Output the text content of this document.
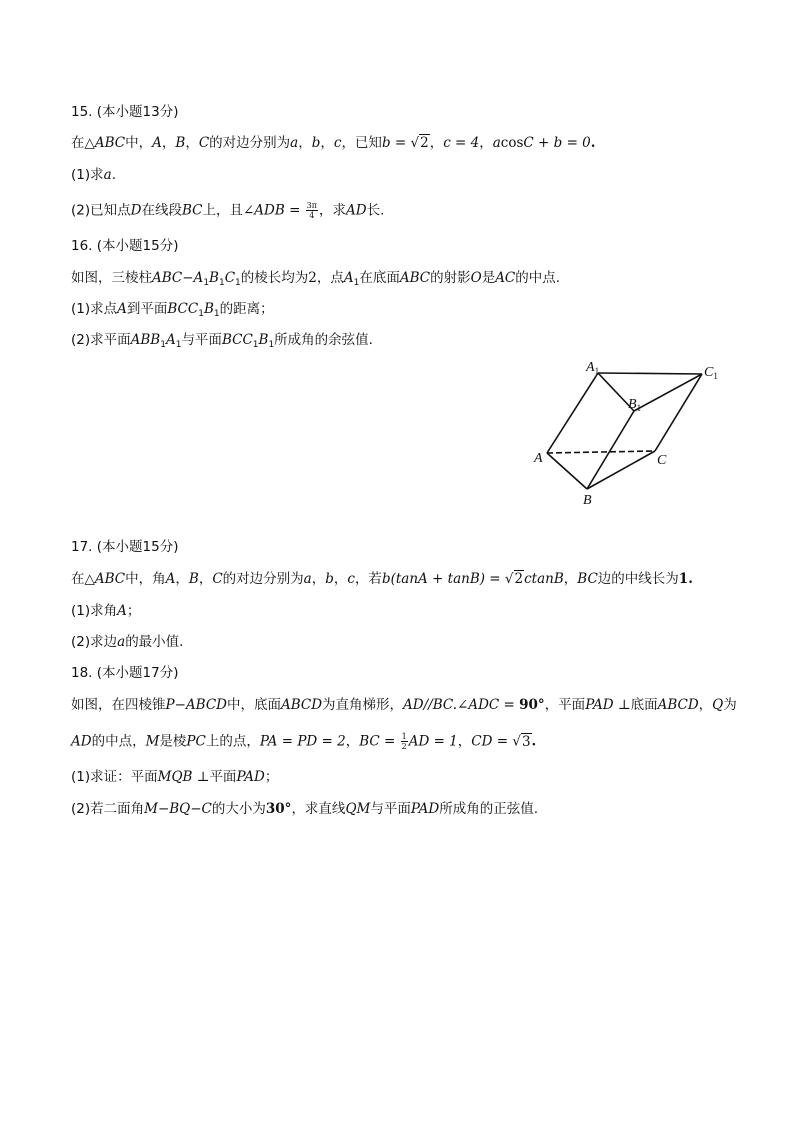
15. (本小题13分)
在△ABC中，A，B，C的对边分别为a，b，c，已知b = √2，c = 4，acosC + b = 0.
(1)求a.
(2)已知点D在线段BC上，且∠ADB = $\frac{3\pi}{4}$ ，求AD长.
16. (本小题15分)
如图，三棱柱$ABC-A_1B_1C_1$的棱长均为2，点$A_1$在底面ABC的射影O是AC的中点.
(1)求点A到平面$BCC_1B_1$的距离；
(2)求平面$ABB_1A_1$与平面$BCC_1B_1$所成角的余弦值.
$A_1$	$C_1$
$B_1$
A	C
B
17. (本小题15分)
在△ABC中，角A，B，C的对边分别为a，b，c，若b(tanA + tanB) = √2ctanB，BC边的中线长为1.
(1)求角A；
(2)求边a的最小值.
18. (本小题17分)
如图，在四棱锥P−ABCD中，底面ABCD为直角梯形，AD//BC.∠ADC = 90°，平面PAD ⊥底面ABCD，Q为
AD的中点，M是棱PC上的点，PA = PD = 2，BC = $\frac{1}{2}$ AD = 1，CD = √3.
(1)求证：平面MQB ⊥平面PAD；
(2)若二面角M−BQ−C的大小为30°，求直线QM与平面PAD所成角的正弦值.
